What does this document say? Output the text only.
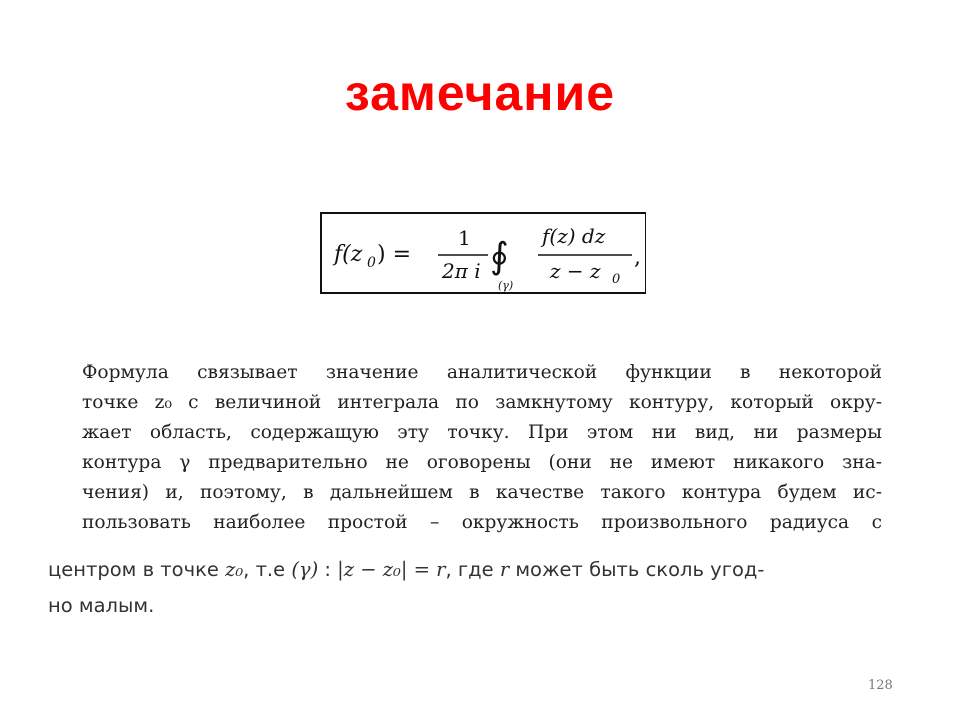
замечание
f(z 0 ) =
1
2π i ∮
(γ)
f(z) dz
z − z 0
,
Формула связывает значение аналитической функции в некоторой
точке z₀ с величиной интеграла по замкнутому контуру, который окру-
жает область, содержащую эту точку. При этом ни вид, ни размеры
контура γ предварительно не оговорены (они не имеют никакого зна-
чения) и, поэтому, в дальнейшем в качестве такого контура будем ис-
пользовать наиболее простой – окружность произвольного радиуса с
центром в точке z₀, т.е (γ) : |z − z₀| = r, где r может быть сколь угод-
но малым.
128
